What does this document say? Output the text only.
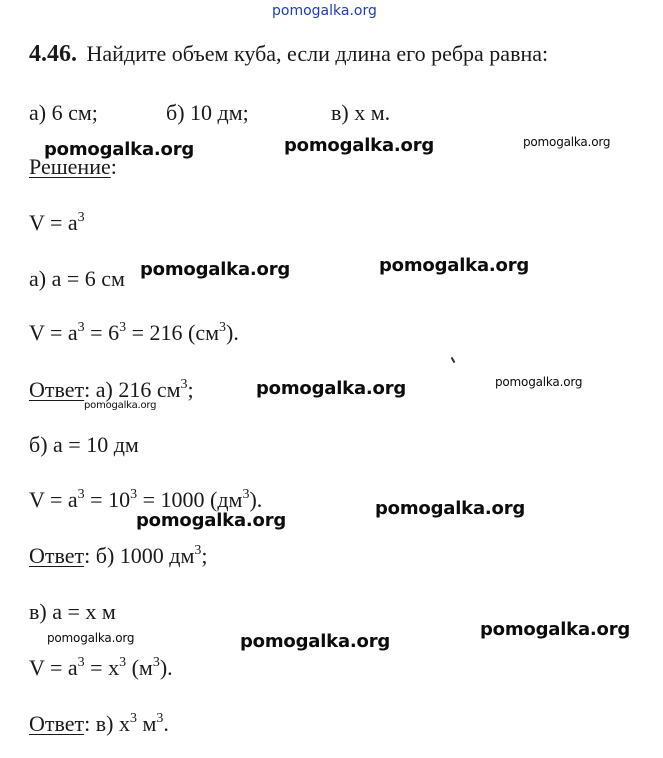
pomogalka.org
4.46. Найдите объем куба, если длина его ребра равна:
а) 6 см;	б) 10 дм;	в) x м.
Решение:
$V = a^3$
а) a = 6 см
$V = a^3 = 6^3 = 216$ $(см^3)$.
Ответ: а) 216 $см^3$;
б) a = 10 дм
$V = a^3 = 10^3 = 1000$ $(дм^3)$.
Ответ: б) 1000 $дм^3$;
в) a = x м
$V = a^3 = x^3$ $(м^3)$.
Ответ: в) $x^3$ $м^3$.
pomogalka.org	pomogalka.org	pomogalka.org
pomogalka.org	pomogalka.org
pomogalka.org	pomogalka.org
pomogalka.org
pomogalka.org
pomogalka.org
pomogalka.org	pomogalka.org
pomogalka.org
